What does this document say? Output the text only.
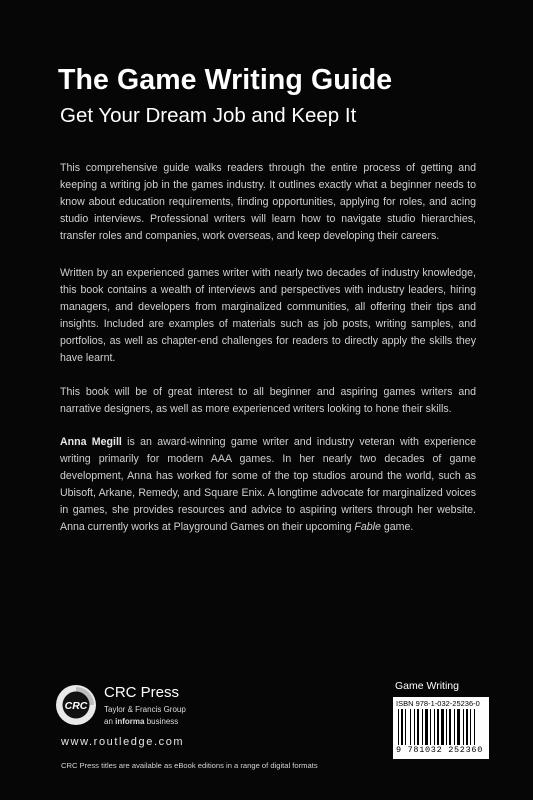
The Game Writing Guide
Get Your Dream Job and Keep It

This comprehensive guide walks readers through the entire process of getting and keeping a writing job in the games industry. It outlines exactly what a beginner needs to know about education requirements, finding opportunities, applying for roles, and acing studio interviews. Professional writers will learn how to navigate studio hierarchies, transfer roles and companies, work overseas, and keep developing their careers.

Written by an experienced games writer with nearly two decades of industry knowledge, this book contains a wealth of interviews and perspectives with industry leaders, hiring managers, and developers from marginalized communities, all offering their tips and insights. Included are examples of materials such as job posts, writing samples, and portfolios, as well as chapter-end challenges for readers to directly apply the skills they have learnt.

This book will be of great interest to all beginner and aspiring games writers and narrative designers, as well as more experienced writers looking to hone their skills.

Anna Megill is an award-winning game writer and industry veteran with experience writing primarily for modern AAA games. In her nearly two decades of game development, Anna has worked for some of the top studios around the world, such as Ubisoft, Arkane, Remedy, and Square Enix. A longtime advocate for marginalized voices in games, she provides resources and advice to aspiring writers through her website. Anna currently works at Playground Games on their upcoming Fable game.

CRC
CRC Press
Taylor & Francis Group
an informa business
www.routledge.com
CRC Press titles are available as eBook editions in a range of digital formats
Game Writing
ISBN 978-1-032-25236-0
9 781032 252360
